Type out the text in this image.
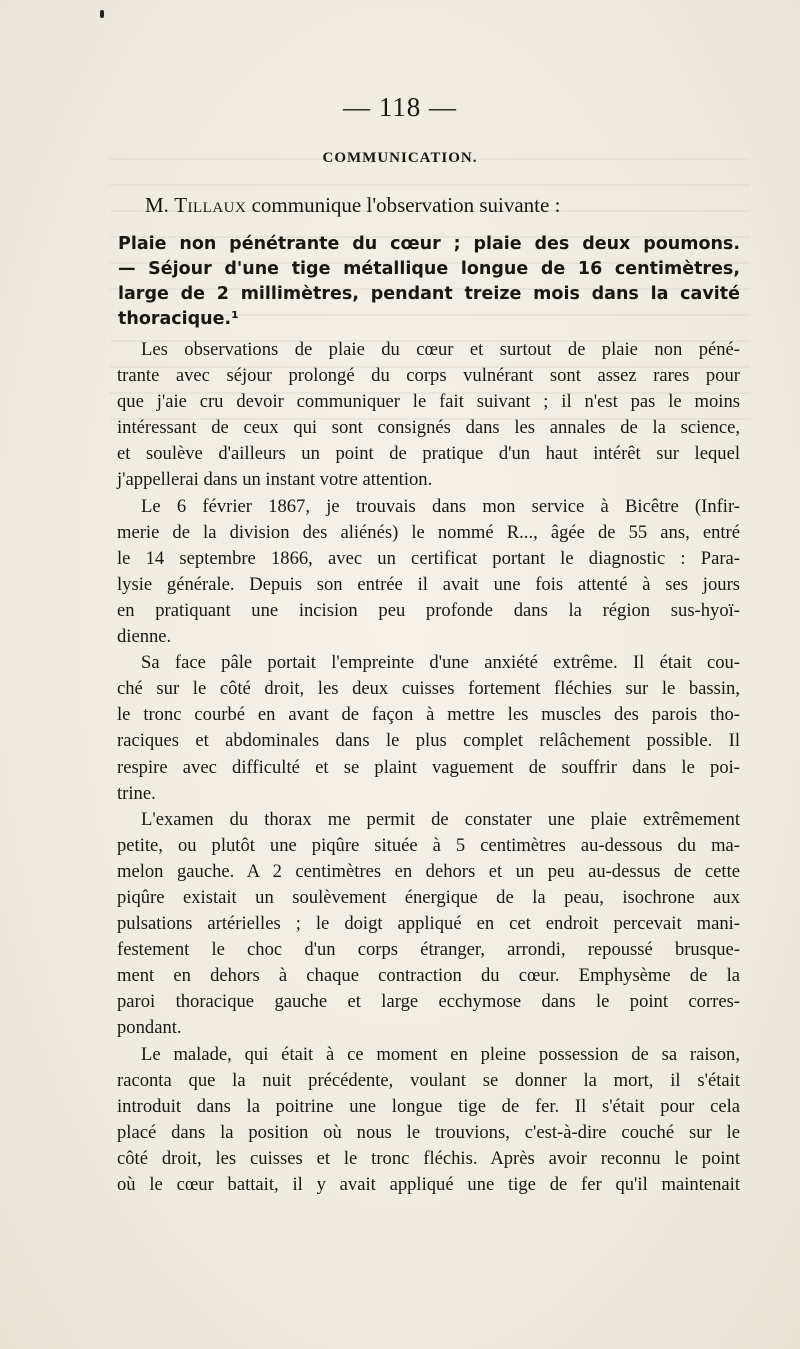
— 118 —
COMMUNICATION.
M. Tillaux communique l'observation suivante :
Plaie non pénétrante du cœur ; plaie des deux poumons.
— Séjour d'une tige métallique longue de 16 centimètres,
large de 2 millimètres, pendant treize mois dans la cavité
thoracique.¹
Les observations de plaie du cœur et surtout de plaie non péné-
trante avec séjour prolongé du corps vulnérant sont assez rares pour
que j'aie cru devoir communiquer le fait suivant ; il n'est pas le moins
intéressant de ceux qui sont consignés dans les annales de la science,
et soulève d'ailleurs un point de pratique d'un haut intérêt sur lequel
j'appellerai dans un instant votre attention.
Le 6 février 1867, je trouvais dans mon service à Bicêtre (Infir-
merie de la division des aliénés) le nommé R..., âgée de 55 ans, entré
le 14 septembre 1866, avec un certificat portant le diagnostic : Para-
lysie générale. Depuis son entrée il avait une fois attenté à ses jours
en pratiquant une incision peu profonde dans la région sus-hyoï-
dienne.
Sa face pâle portait l'empreinte d'une anxiété extrême. Il était cou-
ché sur le côté droit, les deux cuisses fortement fléchies sur le bassin,
le tronc courbé en avant de façon à mettre les muscles des parois tho-
raciques et abdominales dans le plus complet relâchement possible. Il
respire avec difficulté et se plaint vaguement de souffrir dans le poi-
trine.
L'examen du thorax me permit de constater une plaie extrêmement
petite, ou plutôt une piqûre située à 5 centimètres au-dessous du ma-
melon gauche. A 2 centimètres en dehors et un peu au-dessus de cette
piqûre existait un soulèvement énergique de la peau, isochrone aux
pulsations artérielles ; le doigt appliqué en cet endroit percevait mani-
festement le choc d'un corps étranger, arrondi, repoussé brusque-
ment en dehors à chaque contraction du cœur. Emphysème de la
paroi thoracique gauche et large ecchymose dans le point corres-
pondant.
Le malade, qui était à ce moment en pleine possession de sa raison,
raconta que la nuit précédente, voulant se donner la mort, il s'était
introduit dans la poitrine une longue tige de fer. Il s'était pour cela
placé dans la position où nous le trouvions, c'est-à-dire couché sur le
côté droit, les cuisses et le tronc fléchis. Après avoir reconnu le point
où le cœur battait, il y avait appliqué une tige de fer qu'il maintenait
